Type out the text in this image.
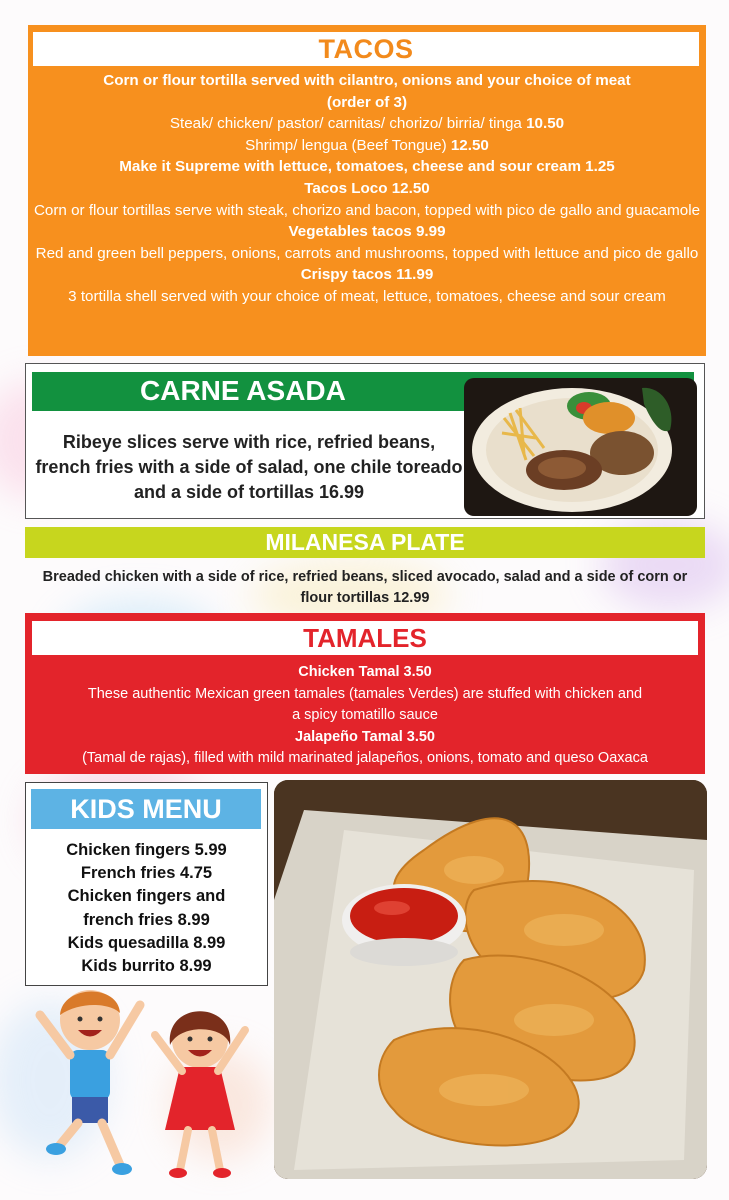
TACOS
Corn or flour tortilla served with cilantro, onions and your choice of meat
(order of 3)
Steak/ chicken/ pastor/ carnitas/ chorizo/ birria/ tinga 10.50
Shrimp/ lengua (Beef Tongue) 12.50
Make it Supreme with lettuce, tomatoes, cheese and sour cream 1.25
Tacos Loco 12.50
Corn or flour tortillas serve with steak, chorizo and bacon, topped with pico de gallo and guacamole
Vegetables tacos 9.99
Red and green bell peppers, onions, carrots and mushrooms, topped with lettuce and pico de gallo
Crispy tacos 11.99
3 tortilla shell served with your choice of meat, lettuce, tomatoes, cheese and sour cream
CARNE ASADA
Ribeye slices serve with rice, refried beans, french fries with a side of salad, one chile toreado and a side of tortillas 16.99
MILANESA PLATE
Breaded chicken with a side of rice, refried beans, sliced avocado, salad and a side of corn or flour tortillas 12.99
TAMALES
Chicken Tamal 3.50
These authentic Mexican green tamales (tamales Verdes) are stuffed with chicken and a spicy tomatillo sauce
Jalapeño Tamal 3.50
(Tamal de rajas), filled with mild marinated jalapeños, onions, tomato and queso Oaxaca
KIDS MENU
Chicken fingers 5.99
French fries 4.75
Chicken fingers and french fries 8.99
Kids quesadilla 8.99
Kids burrito 8.99
